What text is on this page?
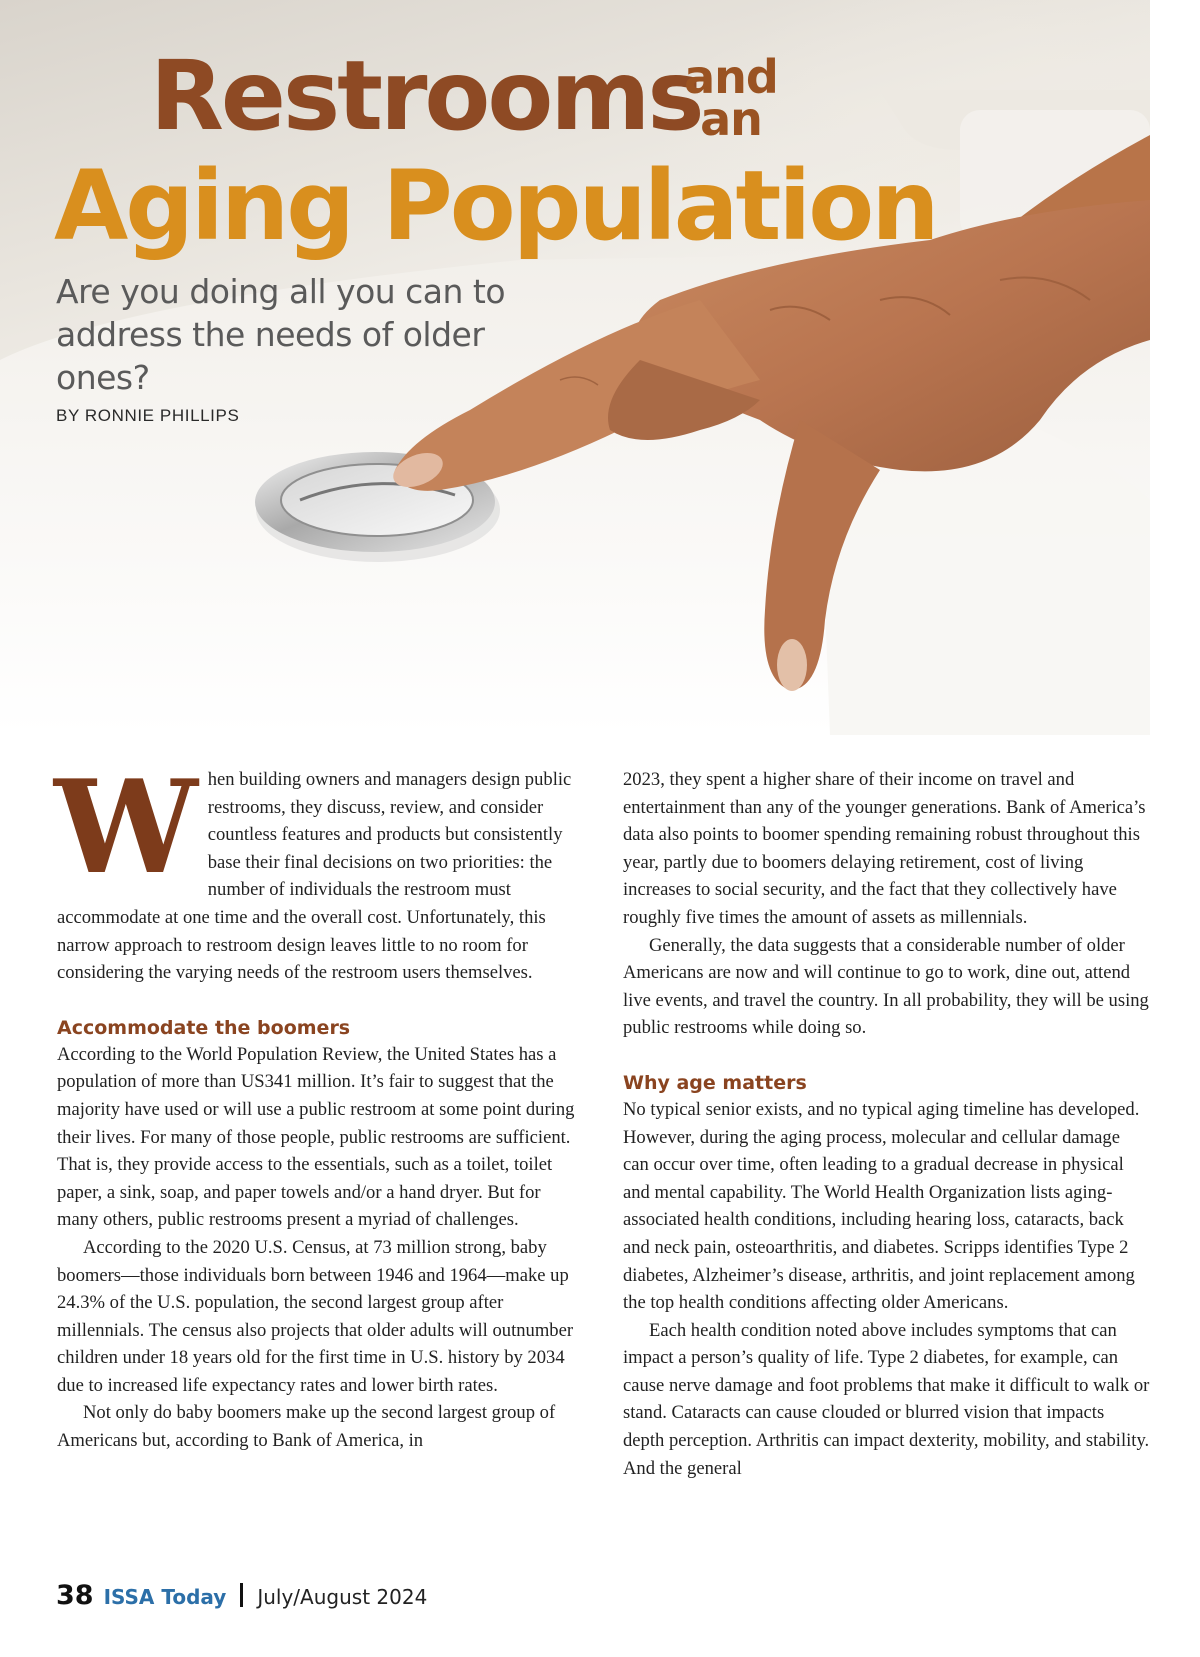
Restrooms
and
an
Aging Population

Are you doing all you can to address the needs of older ones?

BY RONNIE PHILLIPS

W hen building owners and managers design public restrooms, they discuss, review, and consider countless features and products but consistently base their final decisions on two priorities: the number of individuals the restroom must accommodate at one time and the overall cost. Unfortunately, this narrow approach to restroom design leaves little to no room for considering the varying needs of the restroom users themselves.

Accommodate the boomers

According to the World Population Review, the United States has a population of more than US341 million. It’s fair to suggest that the majority have used or will use a public restroom at some point during their lives. For many of those people, public restrooms are sufficient. That is, they provide access to the essentials, such as a toilet, toilet paper, a sink, soap, and paper towels and/or a hand dryer. But for many others, public restrooms present a myriad of challenges.

According to the 2020 U.S. Census, at 73 million strong, baby boomers—those individuals born between 1946 and 1964—make up 24.3% of the U.S. population, the second largest group after millennials. The census also projects that older adults will outnumber children under 18 years old for the first time in U.S. history by 2034 due to increased life expectancy rates and lower birth rates.

Not only do baby boomers make up the second largest group of Americans but, according to Bank of America, in

2023, they spent a higher share of their income on travel and entertainment than any of the younger generations. Bank of America’s data also points to boomer spending remaining robust throughout this year, partly due to boomers delaying retirement, cost of living increases to social security, and the fact that they collectively have roughly five times the amount of assets as millennials.

Generally, the data suggests that a considerable number of older Americans are now and will continue to go to work, dine out, attend live events, and travel the country. In all probability, they will be using public restrooms while doing so.

Why age matters

No typical senior exists, and no typical aging timeline has developed. However, during the aging process, molecular and cellular damage can occur over time, often leading to a gradual decrease in physical and mental capability. The World Health Organization lists aging-associated health conditions, including hearing loss, cataracts, back and neck pain, osteoarthritis, and diabetes. Scripps identifies Type 2 diabetes, Alzheimer’s disease, arthritis, and joint replacement among the top health conditions affecting older Americans.

Each health condition noted above includes symptoms that can impact a person’s quality of life. Type 2 diabetes, for example, can cause nerve damage and foot problems that make it difficult to walk or stand. Cataracts can cause clouded or blurred vision that impacts depth perception. Arthritis can impact dexterity, mobility, and stability. And the general

38 ISSA Today July/August 2024
